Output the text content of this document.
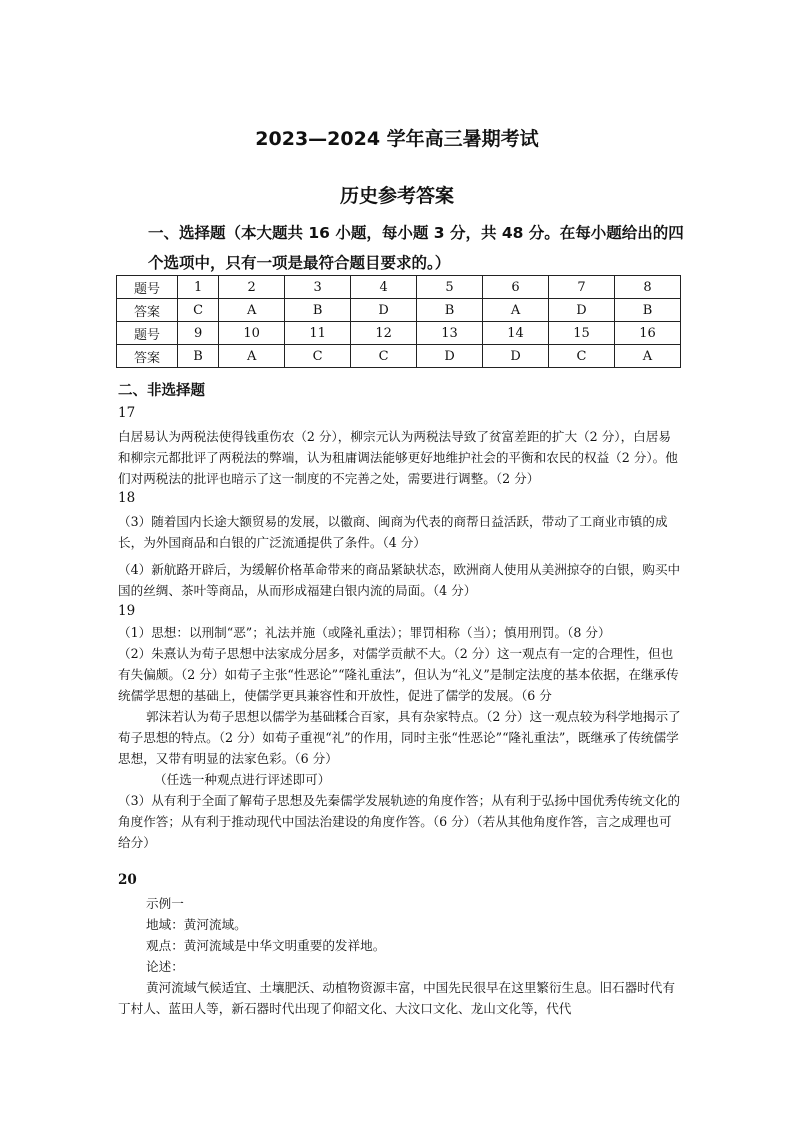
2023—2024 学年高三暑期考试
历史参考答案
一、选择题（本大题共 16 小题，每小题 3 分，共 48 分。在每小题给出的四个选项中，只有一项是最符合题目要求的。）
题号	1	2	3	4	5	6	7	8
答案	C	A	B	D	B	A	D	B
题号	9	10	11	12	13	14	15	16
答案	B	A	C	C	D	D	C	A
二、非选择题
17

白居易认为两税法使得钱重伤农（2 分），柳宗元认为两税法导致了贫富差距的扩大（2 分），白居易和柳宗元都批评了两税法的弊端，认为租庸调法能够更好地维护社会的平衡和农民的权益（2 分）。他们对两税法的批评也暗示了这一制度的不完善之处，需要进行调整。（2 分）

18

（3）随着国内长途大额贸易的发展，以徽商、闽商为代表的商帮日益活跃，带动了工商业市镇的成长，为外国商品和白银的广泛流通提供了条件。（4 分）

（4）新航路开辟后，为缓解价格革命带来的商品紧缺状态，欧洲商人使用从美洲掠夺的白银，购买中国的丝绸、茶叶等商品，从而形成福建白银内流的局面。（4 分）

19

（1）思想：以刑制“恶”；礼法并施（或隆礼重法）；罪罚相称（当）；慎用刑罚。（8 分）

（2）朱熹认为荀子思想中法家成分居多，对儒学贡献不大。（2 分）这一观点有一定的合理性，但也有失偏颇。（2 分）如荀子主张“性恶论”“隆礼重法”，但认为“礼义”是制定法度的基本依据，在继承传统儒学思想的基础上，使儒学更具兼容性和开放性，促进了儒学的发展。（6 分

郭沫若认为荀子思想以儒学为基础糅合百家，具有杂家特点。（2 分）这一观点较为科学地揭示了荀子思想的特点。（2 分）如荀子重视“礼”的作用，同时主张“性恶论”“隆礼重法”，既继承了传统儒学思想，又带有明显的法家色彩。（6 分）

（任选一种观点进行评述即可）

（3）从有利于全面了解荀子思想及先秦儒学发展轨迹的角度作答；从有利于弘扬中国优秀传统文化的角度作答；从有利于推动现代中国法治建设的角度作答。（6 分）（若从其他角度作答，言之成理也可给分）

20

示例一

地域：黄河流域。

观点：黄河流域是中华文明重要的发祥地。

论述：

黄河流域气候适宜、土壤肥沃、动植物资源丰富，中国先民很早在这里繁衍生息。旧石器时代有丁村人、蓝田人等，新石器时代出现了仰韶文化、大汶口文化、龙山文化等，代代
